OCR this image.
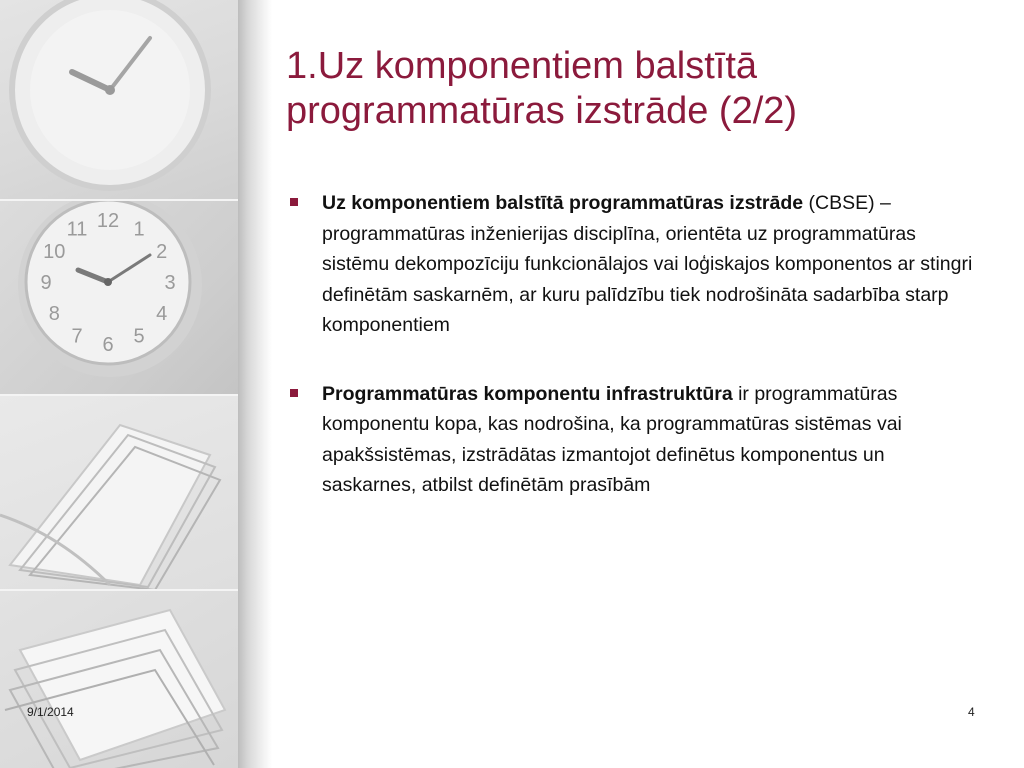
12 1
2
3
4
5
6
7
8
9
10
11
1.Uz komponentiem balstītā
programmatūras izstrāde (2/2)
Uz komponentiem balstītā programmatūras izstrāde (CBSE) – programmatūras inženierijas disciplīna, orientēta uz programmatūras sistēmu dekompozīciju funkcionālajos vai loģiskajos komponentos ar stingri definētām saskarnēm, ar kuru palīdzību tiek nodrošināta sadarbība starp komponentiem
Programmatūras komponentu infrastruktūra ir programmatūras komponentu kopa, kas nodrošina, ka programmatūras sistēmas vai apakšsistēmas, izstrādātas izmantojot definētus komponentus un saskarnes, atbilst definētām prasībām
9/1/2014	4
